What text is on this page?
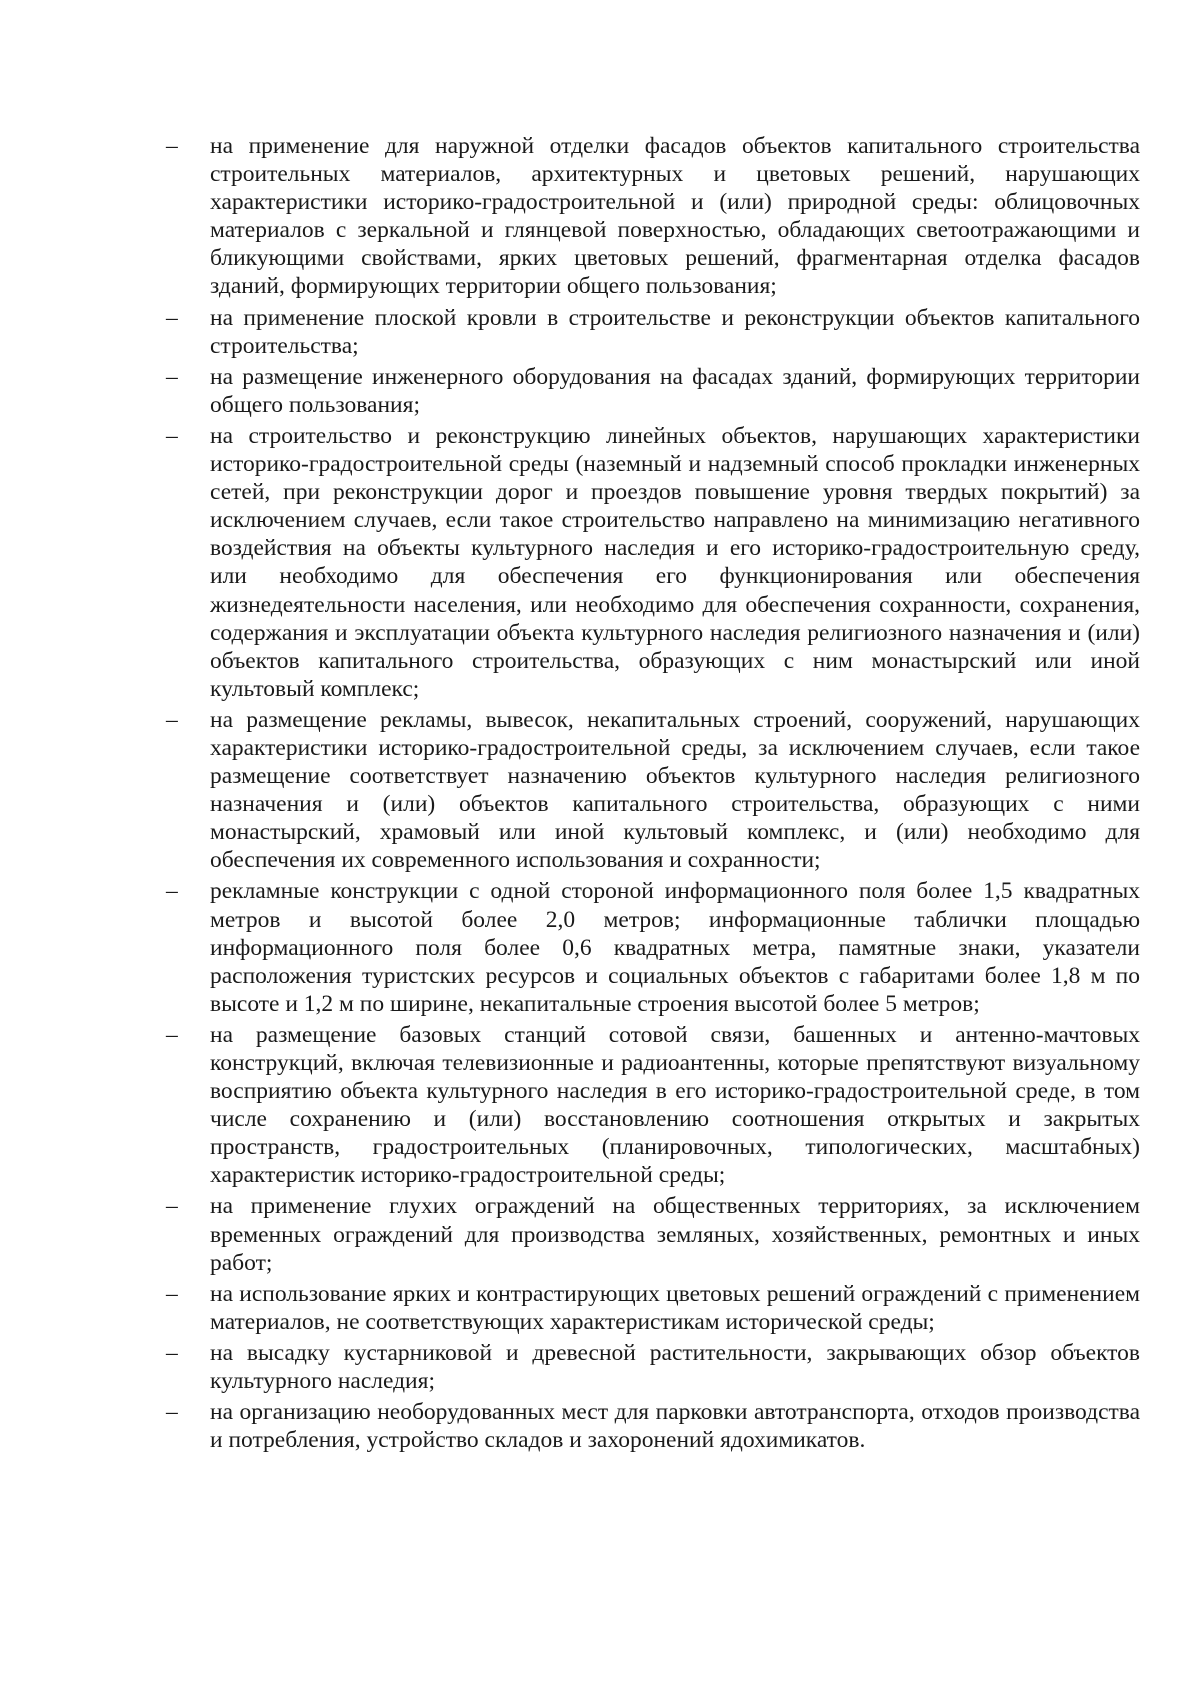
–	на применение для наружной отделки фасадов объектов капитального строительства строительных материалов, архитектурных и цветовых решений, нарушающих характеристики историко-градостроительной и (или) природной среды: облицовочных материалов с зеркальной и глянцевой поверхностью, обладающих светоотражающими и бликующими свойствами, ярких цветовых решений, фрагментарная отделка фасадов зданий, формирующих территории общего пользования;
–	на применение плоской кровли в строительстве и реконструкции объектов капитального строительства;
–	на размещение инженерного оборудования на фасадах зданий, формирующих территории общего пользования;
–	на строительство и реконструкцию линейных объектов, нарушающих характеристики историко-градостроительной среды (наземный и надземный способ прокладки инженерных сетей, при реконструкции дорог и проездов повышение уровня твердых покрытий) за исключением случаев, если такое строительство направлено на минимизацию негативного воздействия на объекты культурного наследия и его историко-градостроительную среду, или необходимо для обеспечения его функционирования или обеспечения жизнедеятельности населения, или необходимо для обеспечения сохранности, сохранения, содержания и эксплуатации объекта культурного наследия религиозного назначения и (или) объектов капитального строительства, образующих с ним монастырский или иной культовый комплекс;
–	на размещение рекламы, вывесок, некапитальных строений, сооружений, нарушающих характеристики историко-градостроительной среды, за исключением случаев, если такое размещение соответствует назначению объектов культурного наследия религиозного назначения и (или) объектов капитального строительства, образующих с ними монастырский, храмовый или иной культовый комплекс, и (или) необходимо для обеспечения их современного использования и сохранности;
–	рекламные конструкции с одной стороной информационного поля более 1,5 квадратных метров и высотой более 2,0 метров; информационные таблички площадью информационного поля более 0,6 квадратных метра, памятные знаки, указатели расположения туристских ресурсов и социальных объектов с габаритами более 1,8 м по высоте и 1,2 м по ширине, некапитальные строения высотой более 5 метров;
–	на размещение базовых станций сотовой связи, башенных и антенно-мачтовых конструкций, включая телевизионные и радиоантенны, которые препятствуют визуальному восприятию объекта культурного наследия в его историко-градостроительной среде, в том числе сохранению и (или) восстановлению соотношения открытых и закрытых пространств, градостроительных (планировочных, типологических, масштабных) характеристик историко-градостроительной среды;
–	на применение глухих ограждений на общественных территориях, за исключением временных ограждений для производства земляных, хозяйственных, ремонтных и иных работ;
–	на использование ярких и контрастирующих цветовых решений ограждений с применением материалов, не соответствующих характеристикам исторической среды;
–	на высадку кустарниковой и древесной растительности, закрывающих обзор объектов культурного наследия;
–	на организацию необорудованных мест для парковки автотранспорта, отходов производства и потребления, устройство складов и захоронений ядохимикатов.
